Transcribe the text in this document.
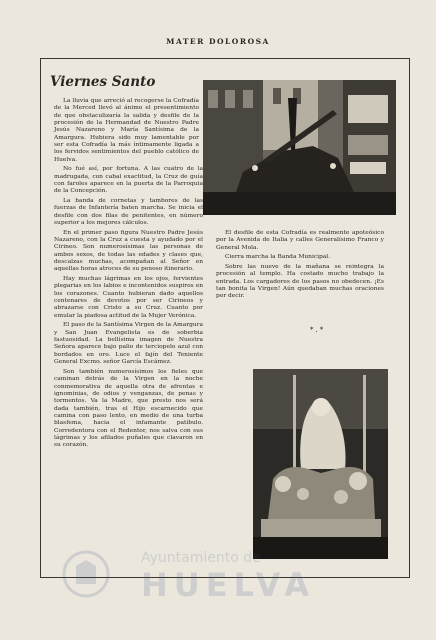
MATER DOLOROSA
Viernes Santo

La lluvia que arreció al recogerse la Cofradía de la Merced llevó al ánimo el presentimiento de que obstaculizaría la salida y desfile de la procesión de la Hermandad de Nuestro Padre Jesús Nazareno y María Santísima de la Amargura. Hubiera sido muy lamentable por ser esta Cofradía la más íntimamente ligada a los fervidos sentimientos del pueblo católico de Huelva.

No fué así, por fortuna. A las cuatro de la madrugada, con cabal exactitud, la Cruz de guía con faroles aparece en la puerta de la Parroquia de la Concepción.

La banda de cornetas y tambores de las fuerzas de Infantería baten marcha. Se inicia el desfile con dos filas de penitentes, en número superior a los mejores cálculos.

En el primer paso figura Nuestro Padre Jesús Nazareno, con la Cruz a cuesta y ayudado por el Cirineo. Son numerosísimas las personas de ambos sexos, de todas las edades y clases que, descalzas muchas, acompañan al Señor en aquellas horas atroces de su penoso itinerario.

Hay muchas lágrimas en los ojos, fervientes plegarias en los labios e incontenidos suspiros en los corazones. Cuanto hubieran dado aquellos centenares de devotos por ser Cirineos y abrazarse con Cristo a su Cruz. Cuanto por emular la piadosa actitud de la Mujer Verónica.

El paso de la Santísima Virgen de la Amargura y San Juan Evangelista es de soberbia fastuosidad. La bellísima imagen de Nuestra Señora aparece bajo palio de terciopelo azul con bordados en oro. Luce el fajín del Teniente General Excmo. señor García Escámez.

Son también numerosísimos los fieles que caminan detrás de la Virgen en la noche conmemorativa de aquella otra de afrentas e ignominias, de odios y venganzas, de penas y tormentos. Va la Madre, que presto nos será dada también, tras el Hijo escarnecido que camina con paso lento, en medio de una turba blasfema, hacia el infamante patíbulo. Corredentora con el Redentor, nos salva con sus lágrimas y los afilados puñales que clavaron en su corazón.

El desfile de esta Cofradía es realmente apoteósico por la Avenida de Italia y calles Generalísimo Franco y General Mola.

Cierra marcha la Banda Municipal.

Sobre las nueve de la mañana se reintegra la procesión al templo. Ha costado mucho trabajo la entrada. Los cargadores de los pasos no obedecen. ¡Es tan bonita la Virgen! Aún quedaban muchas oraciones por decir.

*.*
Ayuntamiento de
HUELVA
